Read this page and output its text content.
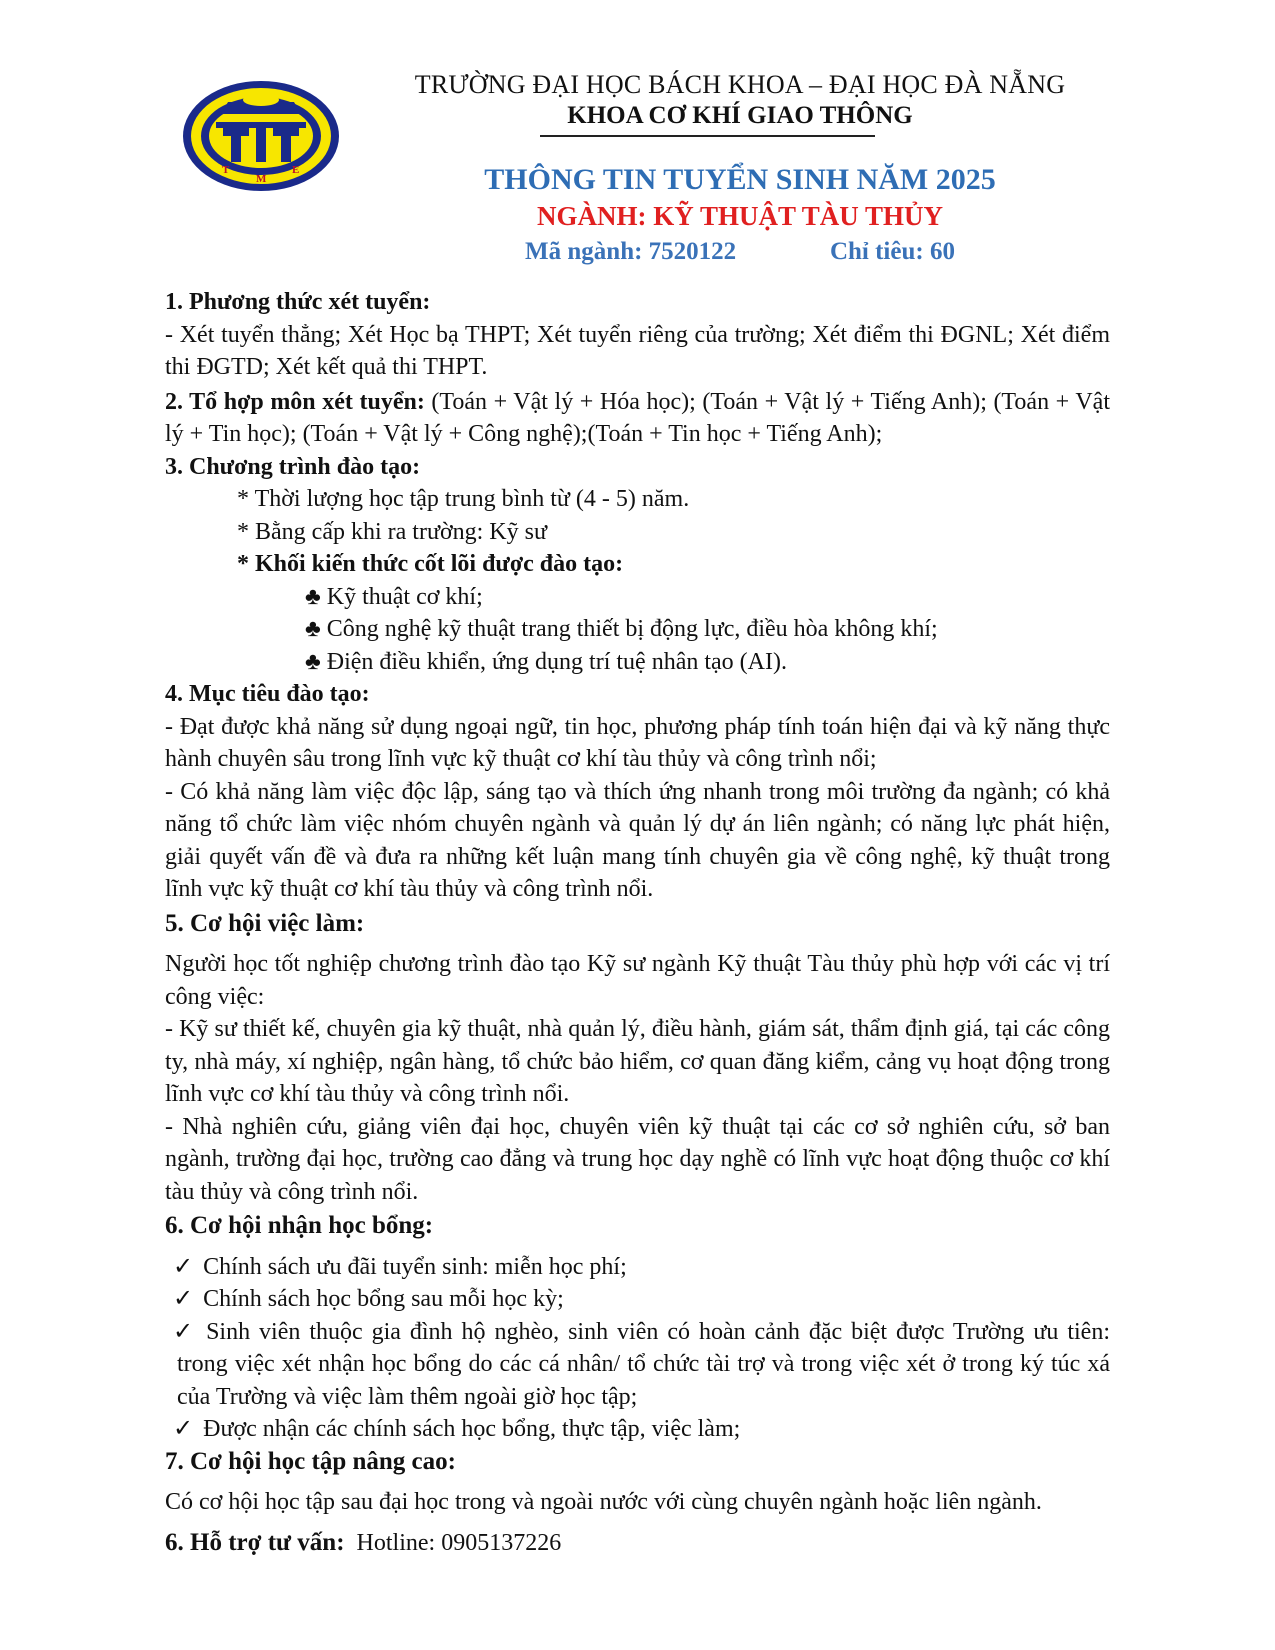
T
M
E
TRƯỜNG ĐẠI HỌC BÁCH KHOA – ĐẠI HỌC ĐÀ NẴNG
KHOA CƠ KHÍ GIAO THÔNG
THÔNG TIN TUYỂN SINH NĂM 2025
NGÀNH: KỸ THUẬT TÀU THỦY
Mã ngành: 7520122	Chỉ tiêu: 60

1. Phương thức xét tuyển:

- Xét tuyển thẳng; Xét Học bạ THPT; Xét tuyển riêng của trường; Xét điểm thi ĐGNL; Xét điểm thi ĐGTD; Xét kết quả thi THPT.

2. Tổ hợp môn xét tuyển: (Toán + Vật lý + Hóa học); (Toán + Vật lý + Tiếng Anh); (Toán + Vật lý + Tin học); (Toán + Vật lý + Công nghệ);(Toán + Tin học + Tiếng Anh);

3. Chương trình đào tạo:

* Thời lượng học tập trung bình từ (4 - 5) năm.

* Bằng cấp khi ra trường: Kỹ sư

* Khối kiến thức cốt lõi được đào tạo:

♣ Kỹ thuật cơ khí;

♣ Công nghệ kỹ thuật trang thiết bị động lực, điều hòa không khí;

♣ Điện điều khiển, ứng dụng trí tuệ nhân tạo (AI).

4. Mục tiêu đào tạo:

- Đạt được khả năng sử dụng ngoại ngữ, tin học, phương pháp tính toán hiện đại và kỹ năng thực hành chuyên sâu trong lĩnh vực kỹ thuật cơ khí tàu thủy và công trình nổi;

- Có khả năng làm việc độc lập, sáng tạo và thích ứng nhanh trong môi trường đa ngành; có khả năng tổ chức làm việc nhóm chuyên ngành và quản lý dự án liên ngành; có năng lực phát hiện, giải quyết vấn đề và đưa ra những kết luận mang tính chuyên gia về công nghệ, kỹ thuật trong lĩnh vực kỹ thuật cơ khí tàu thủy và công trình nổi.

5. Cơ hội việc làm:

Người học tốt nghiệp chương trình đào tạo Kỹ sư ngành Kỹ thuật Tàu thủy phù hợp với các vị trí công việc:

- Kỹ sư thiết kế, chuyên gia kỹ thuật, nhà quản lý, điều hành, giám sát, thẩm định giá, tại các công ty, nhà máy, xí nghiệp, ngân hàng, tổ chức bảo hiểm, cơ quan đăng kiểm, cảng vụ hoạt động trong lĩnh vực cơ khí tàu thủy và công trình nổi.

- Nhà nghiên cứu, giảng viên đại học, chuyên viên kỹ thuật tại các cơ sở nghiên cứu, sở ban ngành, trường đại học, trường cao đẳng và trung học dạy nghề có lĩnh vực hoạt động thuộc cơ khí tàu thủy và công trình nổi.

6. Cơ hội nhận học bổng:

✓ Chính sách ưu đãi tuyển sinh: miễn học phí;

✓ Chính sách học bổng sau mỗi học kỳ;

✓ Sinh viên thuộc gia đình hộ nghèo, sinh viên có hoàn cảnh đặc biệt được Trường ưu tiên: trong việc xét nhận học bổng do các cá nhân/ tổ chức tài trợ và trong việc xét ở trong ký túc xá của Trường và việc làm thêm ngoài giờ học tập;

✓ Được nhận các chính sách học bổng, thực tập, việc làm;

7. Cơ hội học tập nâng cao:

Có cơ hội học tập sau đại học trong và ngoài nước với cùng chuyên ngành hoặc liên ngành.

6. Hỗ trợ tư vấn:  Hotline: 0905137226
